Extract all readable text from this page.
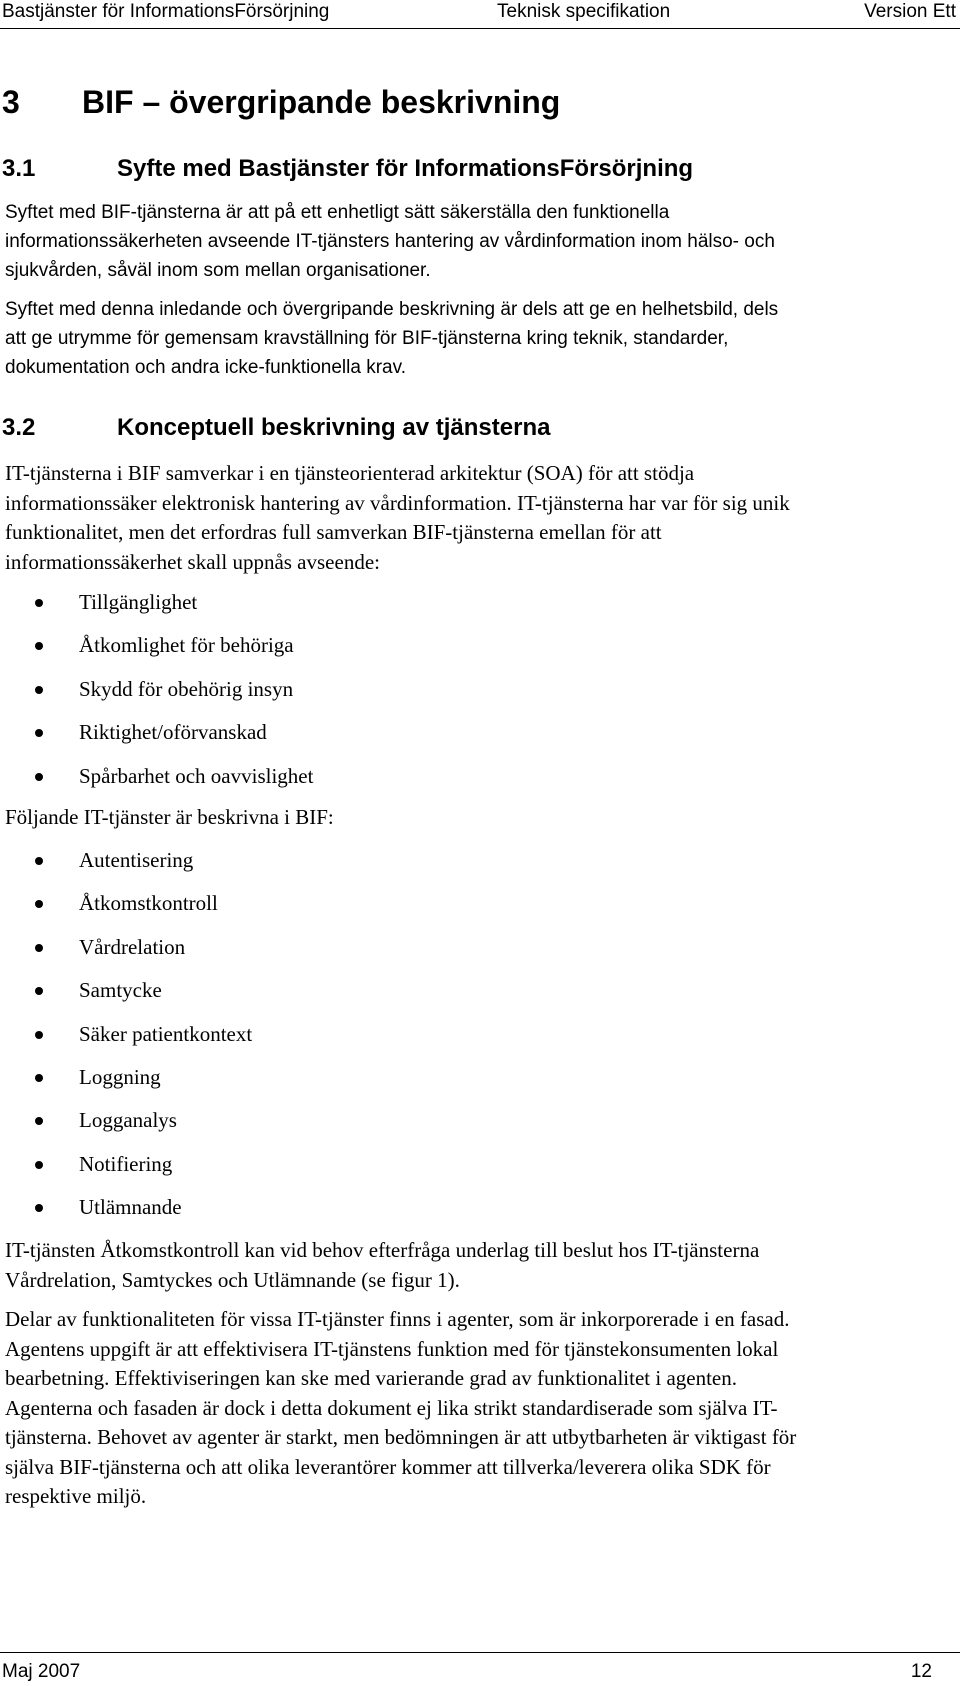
Bastjänster för InformationsFörsörjning	Teknisk specifikation	Version Ett
3 BIF – övergripande beskrivning
3.1	Syfte med Bastjänster för InformationsFörsörjning
Syftet med BIF-tjänsterna är att på ett enhetligt sätt säkerställa den funktionella
informationssäkerheten avseende IT-tjänsters hantering av vårdinformation inom hälso- och
sjukvården, såväl inom som mellan organisationer.
Syftet med denna inledande och övergripande beskrivning är dels att ge en helhetsbild, dels
att ge utrymme för gemensam kravställning för BIF-tjänsterna kring teknik, standarder,
dokumentation och andra icke-funktionella krav.
3.2	Konceptuell beskrivning av tjänsterna
IT-tjänsterna i BIF samverkar i en tjänsteorienterad arkitektur (SOA) för att stödja
informationssäker elektronisk hantering av vårdinformation. IT-tjänsterna har var för sig unik
funktionalitet, men det erfordras full samverkan BIF-tjänsterna emellan för att
informationssäkerhet skall uppnås avseende:
Tillgänglighet
Åtkomlighet för behöriga
Skydd för obehörig insyn
Riktighet/oförvanskad
Spårbarhet och oavvislighet
Följande IT-tjänster är beskrivna i BIF:
Autentisering
Åtkomstkontroll
Vårdrelation
Samtycke
Säker patientkontext
Loggning
Logganalys
Notifiering
Utlämnande
IT-tjänsten Åtkomstkontroll kan vid behov efterfråga underlag till beslut hos IT-tjänsterna
Vårdrelation, Samtyckes och Utlämnande (se figur 1).
Delar av funktionaliteten för vissa IT-tjänster finns i agenter, som är inkorporerade i en fasad.
Agentens uppgift är att effektivisera IT-tjänstens funktion med för tjänstekonsumenten lokal
bearbetning. Effektiviseringen kan ske med varierande grad av funktionalitet i agenten.
Agenterna och fasaden är dock i detta dokument ej lika strikt standardiserade som själva IT-
tjänsterna. Behovet av agenter är starkt, men bedömningen är att utbytbarheten är viktigast för
själva BIF-tjänsterna och att olika leverantörer kommer att tillverka/leverera olika SDK för
respektive miljö.
Maj 2007	12
